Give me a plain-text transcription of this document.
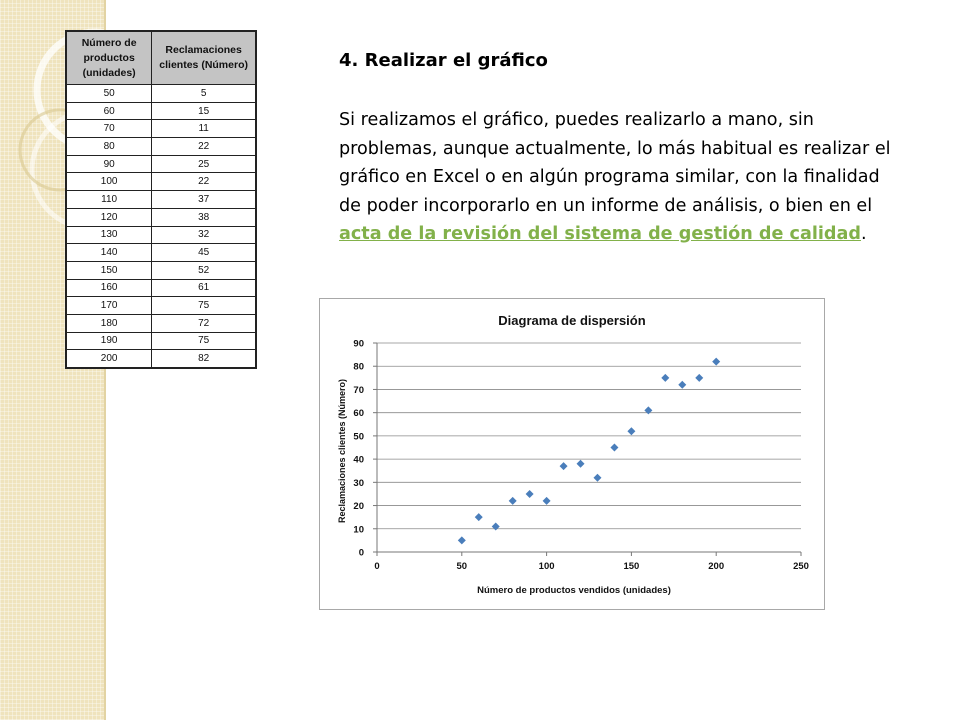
Número de productos (unidades)	Reclamaciones clientes (Número)
50	5
60	15
70	11
80	22
90	25
100	22
110	37
120	38
130	32
140	45
150	52
160	61
170	75
180	72
190	75
200	82
4. Realizar el gráfico

Si realizamos el gráfico, puedes realizarlo a mano, sin problemas, aunque actualmente, lo más habitual es realizar el gráfico en Excel o en algún programa similar, con la finalidad de poder incorporarlo en un informe de análisis, o bien en el acta de la revisión del sistema de gestión de calidad.

Diagrama de dispersión
Número de productos vendidos (unidades)
Reclamaciones clientes (Número)
0
10
20
30
40
50
60
70
80
90
0	50	100	150	200	250
